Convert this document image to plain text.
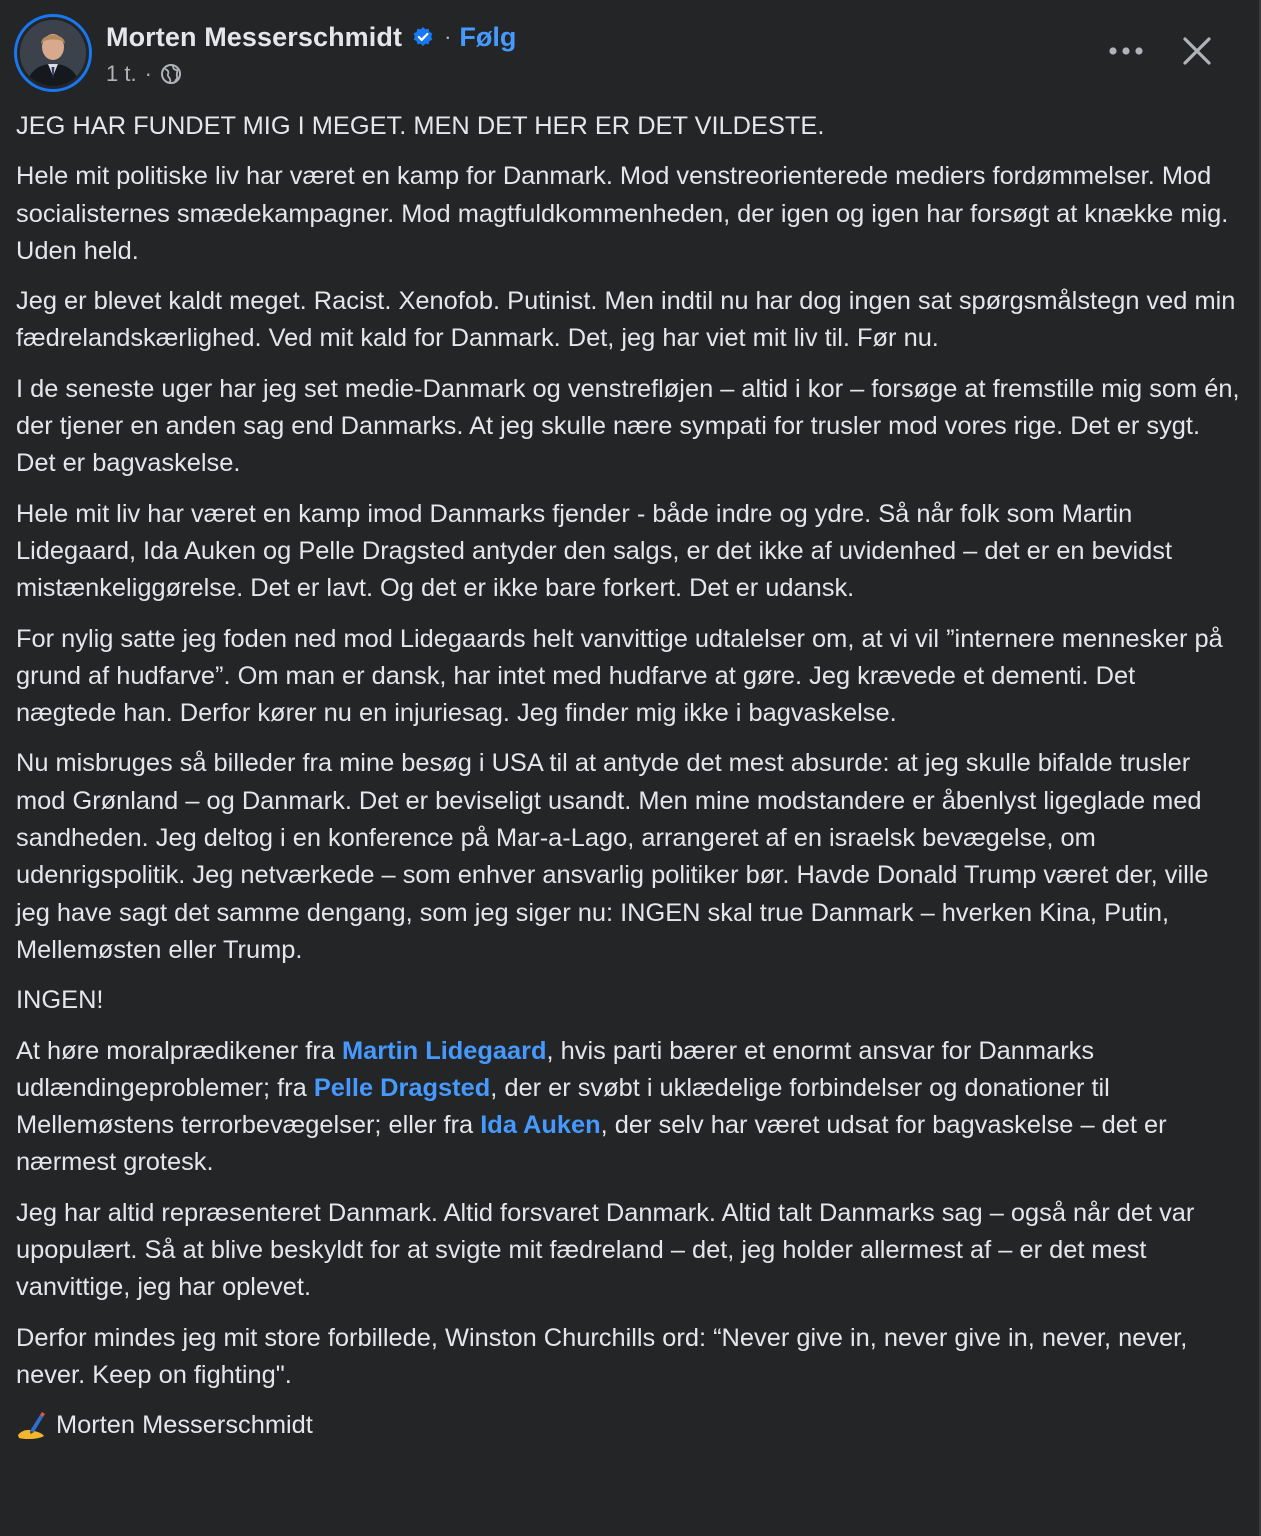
Morten Messerschmidt · Følg
1 t. ·

JEG HAR FUNDET MIG I MEGET. MEN DET HER ER DET VILDESTE.

Hele mit politiske liv har været en kamp for Danmark. Mod venstreorienterede mediers fordømmelser. Mod socialisternes smædekampagner. Mod magtfuldkommenheden, der igen og igen har forsøgt at knække mig. Uden held.

Jeg er blevet kaldt meget. Racist. Xenofob. Putinist. Men indtil nu har dog ingen sat spørgsmålstegn ved min fædrelandskærlighed. Ved mit kald for Danmark. Det, jeg har viet mit liv til. Før nu.

I de seneste uger har jeg set medie-Danmark og venstrefløjen – altid i kor – forsøge at fremstille mig som én, der tjener en anden sag end Danmarks. At jeg skulle nære sympati for trusler mod vores rige. Det er sygt. Det er bagvaskelse.

Hele mit liv har været en kamp imod Danmarks fjender - både indre og ydre. Så når folk som Martin Lidegaard, Ida Auken og Pelle Dragsted antyder den salgs, er det ikke af uvidenhed – det er en bevidst mistænkeliggørelse. Det er lavt. Og det er ikke bare forkert. Det er udansk.

For nylig satte jeg foden ned mod Lidegaards helt vanvittige udtalelser om, at vi vil ”internere mennesker på grund af hudfarve”. Om man er dansk, har intet med hudfarve at gøre. Jeg krævede et dementi. Det nægtede han. Derfor kører nu en injuriesag. Jeg finder mig ikke i bagvaskelse.

Nu misbruges så billeder fra mine besøg i USA til at antyde det mest absurde: at jeg skulle bifalde trusler mod Grønland – og Danmark. Det er beviseligt usandt. Men mine modstandere er åbenlyst ligeglade med sandheden. Jeg deltog i en konference på Mar-a-Lago, arrangeret af en israelsk bevægelse, om udenrigspolitik. Jeg netværkede – som enhver ansvarlig politiker bør. Havde Donald Trump været der, ville jeg have sagt det samme dengang, som jeg siger nu: INGEN skal true Danmark – hverken Kina, Putin, Mellemøsten eller Trump.

INGEN!

At høre moralprædikener fra Martin Lidegaard, hvis parti bærer et enormt ansvar for Danmarks udlændingeproblemer; fra Pelle Dragsted, der er svøbt i uklædelige forbindelser og donationer til Mellemøstens terrorbevægelser; eller fra Ida Auken, der selv har været udsat for bagvaskelse – det er nærmest grotesk.

Jeg har altid repræsenteret Danmark. Altid forsvaret Danmark. Altid talt Danmarks sag – også når det var upopulært. Så at blive beskyldt for at svigte mit fædreland – det, jeg holder allermest af – er det mest vanvittige, jeg har oplevet.

Derfor mindes jeg mit store forbillede, Winston Churchills ord: “Never give in, never give in, never, never, never. Keep on fighting".

Morten Messerschmidt
